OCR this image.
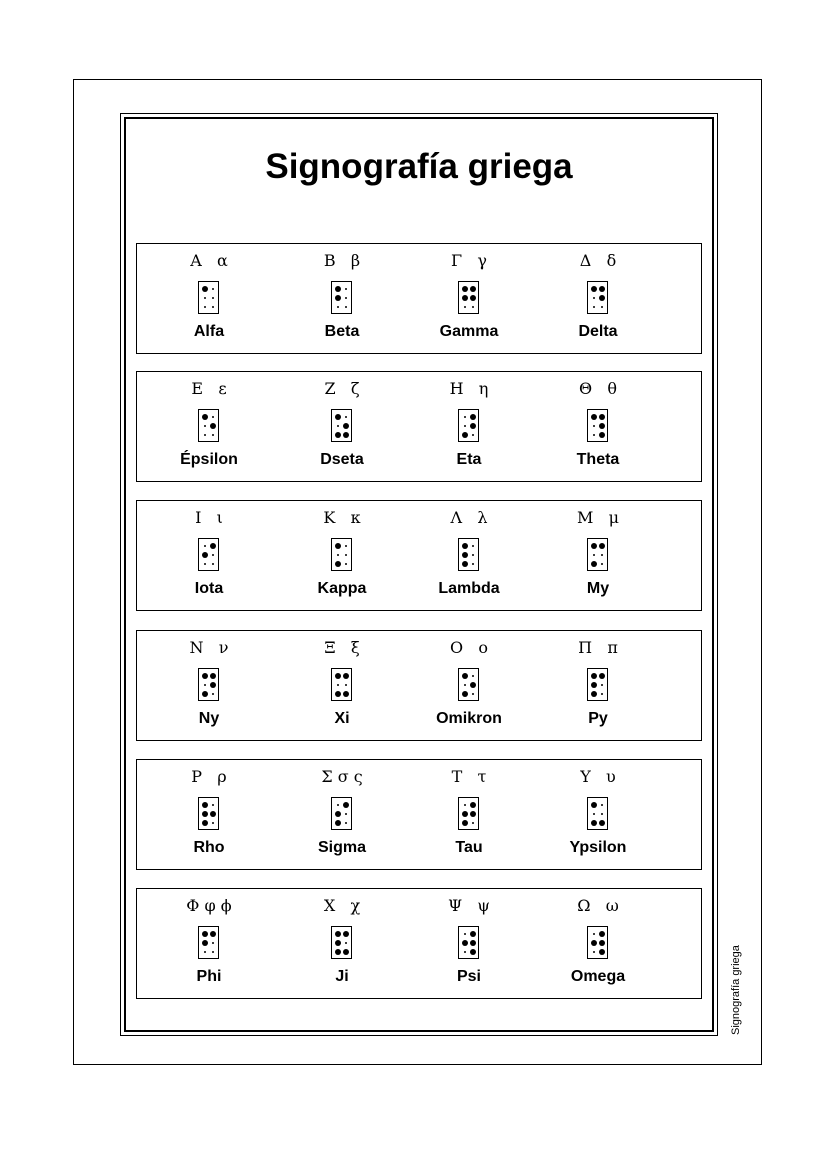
Signografía griega
Α   α
Alfa
Β   β
Beta
Γ   γ
Gamma
Δ   δ
Delta
Ε   ε
Épsilon
Ζ   ζ
Dseta
Η   η
Eta
Θ   θ
Theta
Ι   ι
Iota
Κ   κ
Kappa
Λ   λ
Lambda
Μ   μ
My
Ν   ν
Ny
Ξ   ξ
Xi
Ο   ο
Omikron
Π   π
Py
Ρ   ρ
Rho
Σ σ ς
Sigma
Τ   τ
Tau
Υ   υ
Ypsilon
Φ φ ϕ
Phi
Χ   χ
Ji
Ψ   ψ
Psi
Ω   ω
Omega	Signografía griega
